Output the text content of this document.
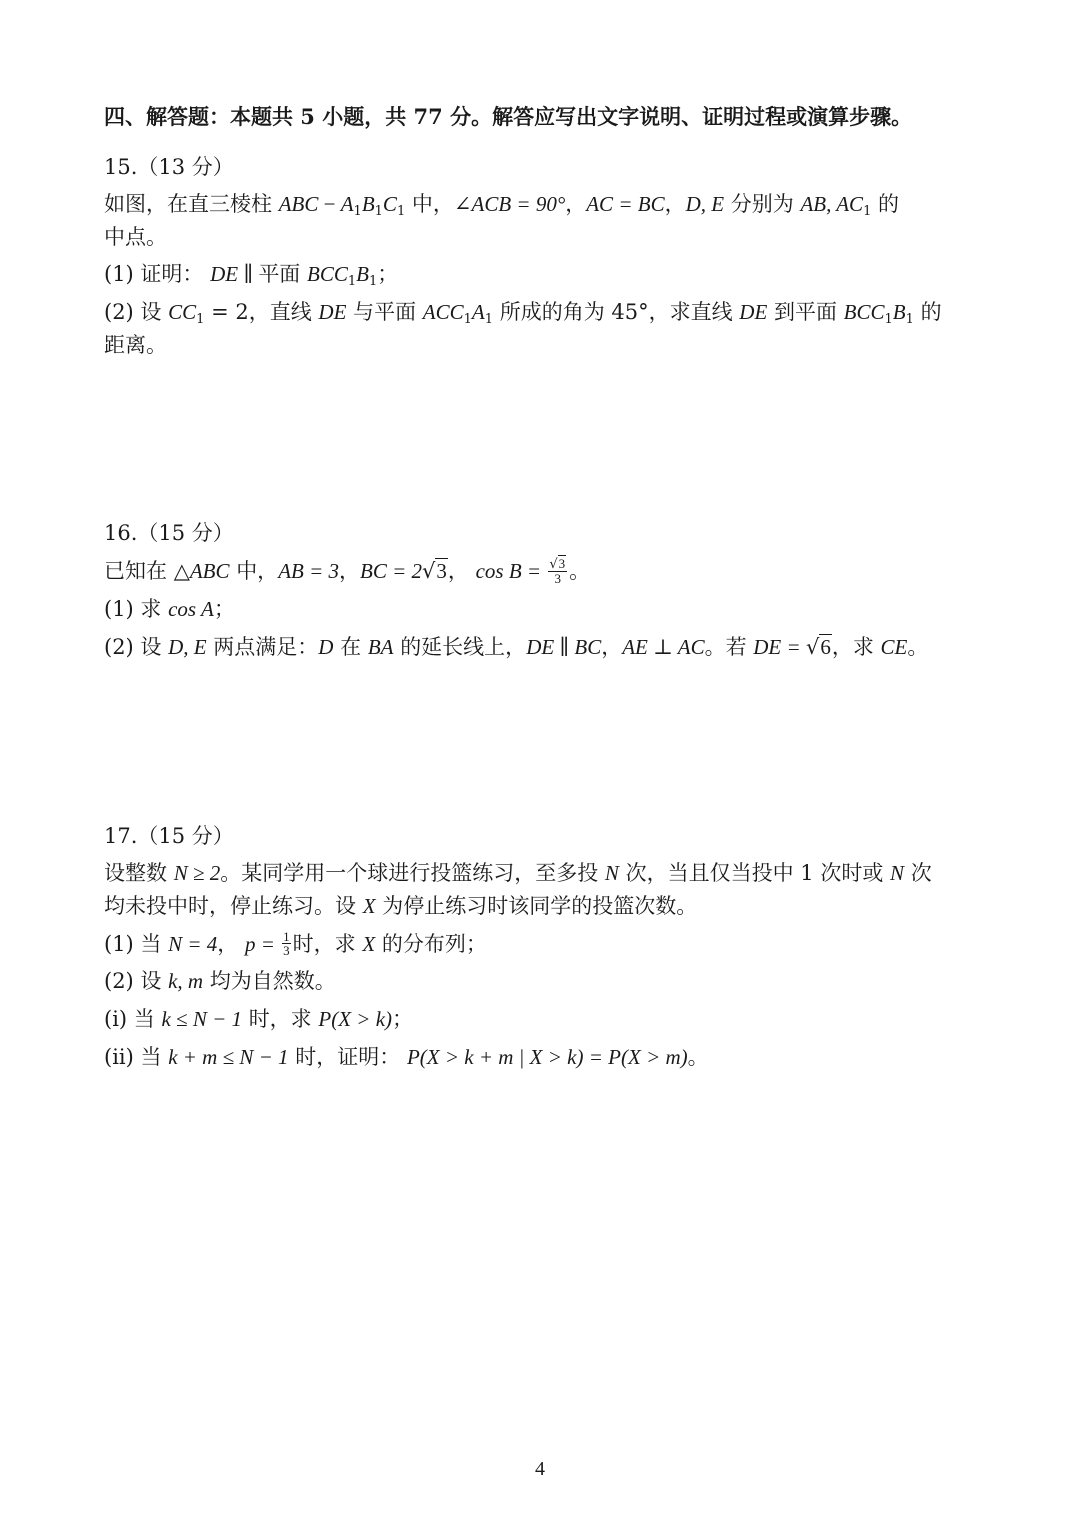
四、解答题：本题共 5 小题，共 77 分。解答应写出文字说明、证明过程或演算步骤。
15.（13 分）
如图，在直三棱柱 ABC − $A_1B_1C_1$ 中，∠ACB = 90°，AC = BC，D, E 分别为 AB, $AC_1$ 的
中点。
(1) 证明： DE ∥ 平面 $BCC_1B_1$；
(2) 设 $CC_1 = 2$，直线 DE 与平面 $ACC_1A_1$ 所成的角为 45°，求直线 DE 到平面 $BCC_1B_1$ 的
距离。
16.（15 分）
已知在 △ABC 中，AB = 3，BC = 2√3， $\cos B = \frac{√3}{3}$ 。
(1) 求 cos A；
(2) 设 D, E 两点满足：D 在 BA 的延长线上，DE ∥ BC，AE ⊥ AC。若 DE = √6，求 CE。
17.（15 分）
设整数 N ≥ 2。某同学用一个球进行投篮练习，至多投 N 次，当且仅当投中 1 次时或 N 次
均未投中时，停止练习。设 X 为停止练习时该同学的投篮次数。
(1) 当 N = 4， $p = \frac{1}{3}$ 时，求 X 的分布列；
(2) 设 k, m 均为自然数。
(i) 当 k ≤ N − 1 时，求 P(X > k)；
(ii) 当 k + m ≤ N − 1 时，证明： P(X > k + m | X > k) = P(X > m)。
4
